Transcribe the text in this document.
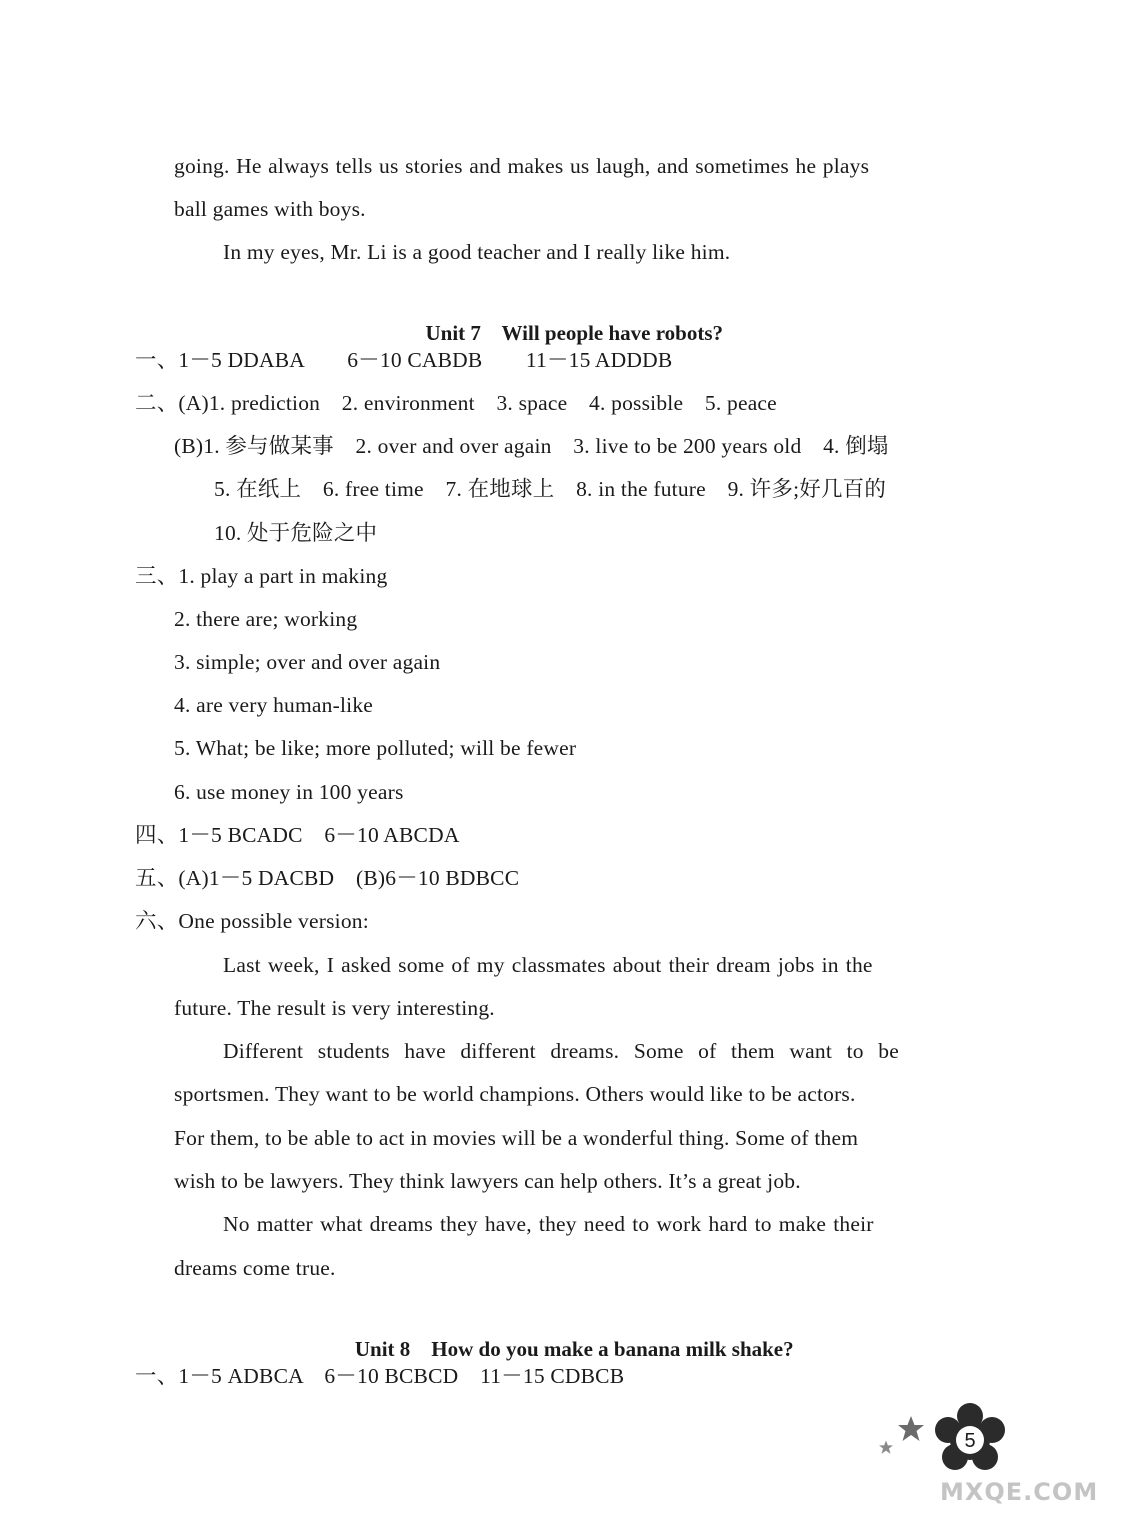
going. He always tells us stories and makes us laugh, and sometimes he plays
ball games with boys.
In my eyes, Mr. Li is a good teacher and I really like him.

Unit 7 Will people have robots?

一、1－5 DDABA　　6－10 CABDB　　11－15 ADDDB
二、(A)1. prediction　2. environment　3. space　4. possible　5. peace
(B)1. 参与做某事　2. over and over again　3. live to be 200 years old　4. 倒塌
5. 在纸上　6. free time　7. 在地球上　8. in the future　9. 许多;好几百的
10. 处于危险之中
三、1. play a part in making
2. there are; working
3. simple; over and over again
4. are very human-like
5. What; be like; more polluted; will be fewer
6. use money in 100 years
四、1－5 BCADC　6－10 ABCDA
五、(A)1－5 DACBD　(B)6－10 BDBCC
六、One possible version:
Last week, I asked some of my classmates about their dream jobs in the
future. The result is very interesting.
Different students have different dreams. Some of them want to be
sportsmen. They want to be world champions. Others would like to be actors.
For them, to be able to act in movies will be a wonderful thing. Some of them
wish to be lawyers. They think lawyers can help others. It’s a great job.
No matter what dreams they have, they need to work hard to make their
dreams come true.

Unit 8 How do you make a banana milk shake?

一、1－5 ADBCA　6－10 BCBCD　11－15 CDBCB
5
MXQE.COM
